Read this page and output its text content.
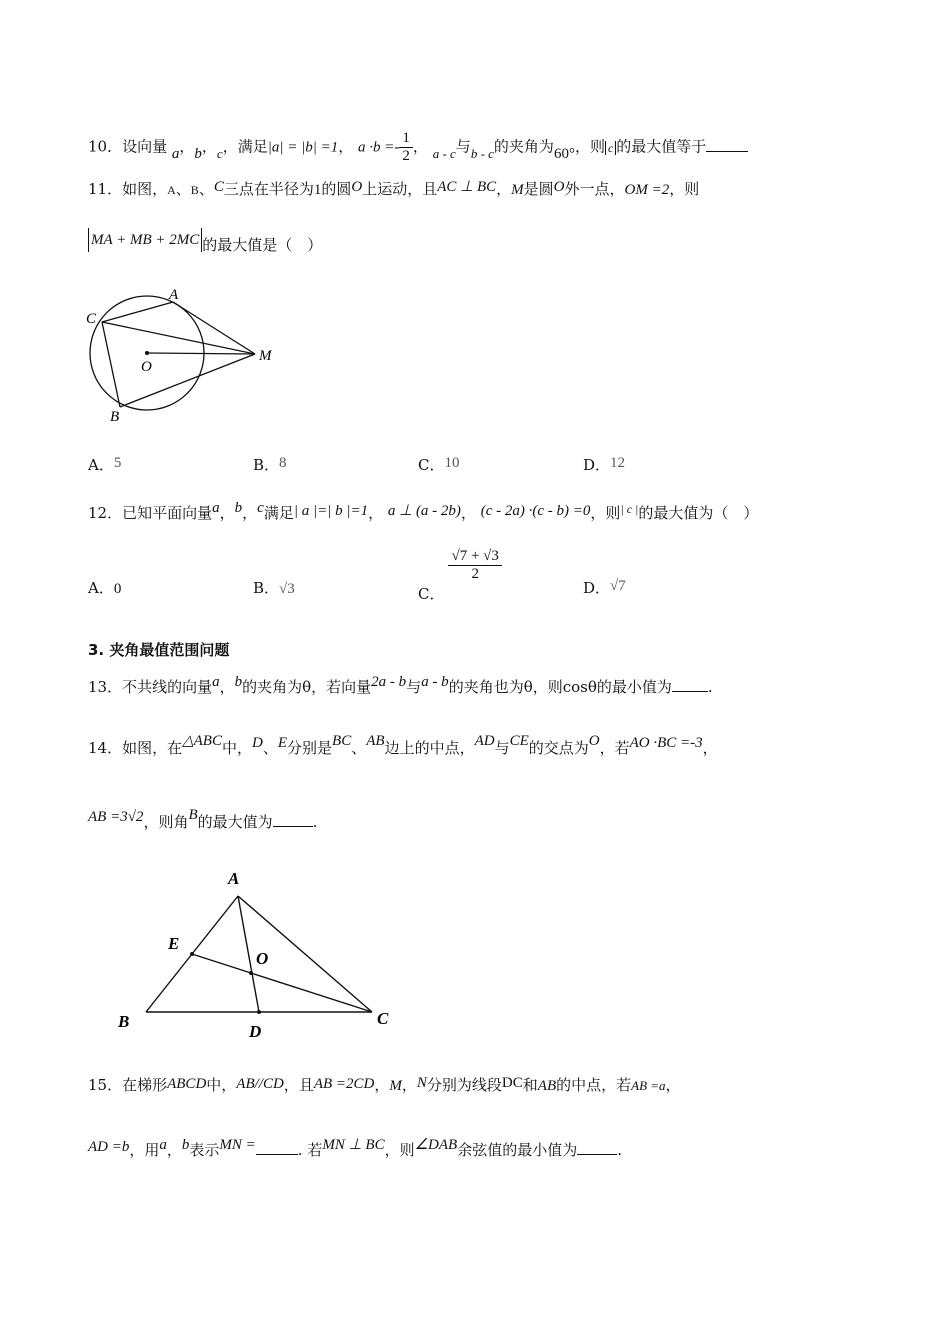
10．设向量 a，b，c，满足|a| = |b| =1， $a \cdot b =- \frac{1}{2}$ ， a - c与b - c的夹角为60°，则 c 的最大值等于
11．如图，A、B、C三点在半径为1的圆O上运动，且AC ⊥ BC，M是圆O外一点，OM =2，则
MA + MB + 2MC 的最大值是（　）
A
C
O
M
B
A．5	B．8	C．10	D．12
12．已知平面向量a，b，c满足| a |=| b |=1， a ⊥ (a - 2b)， (c - 2a) ·(c - b) =0，则$^{| c |}$的最大值为（　）
A．0	B．√3	C．
$\frac{√7 + √3}{2}$
D．√7
3. 夹角最值范围问题
13．不共线的向量a，b的夹角为θ，若向量2a - b与a - b的夹角也为θ，则cosθ的最小值为 .
14．如图，在△ABC中，D、E分别是BC、AB边上的中点，AD与CE的交点为O，若AO ·BC =-3，
AB =3√2，则角B的最大值为	.
A
E
O
B
D
C
15．在梯形ABCD中，AB//CD，且AB =2CD，M，N分别为线段DC和AB的中点，若AB =a，
AD =b，用a，b表示MN =	. 若MN ⊥ BC，则∠DAB余弦值的最小值为	.
